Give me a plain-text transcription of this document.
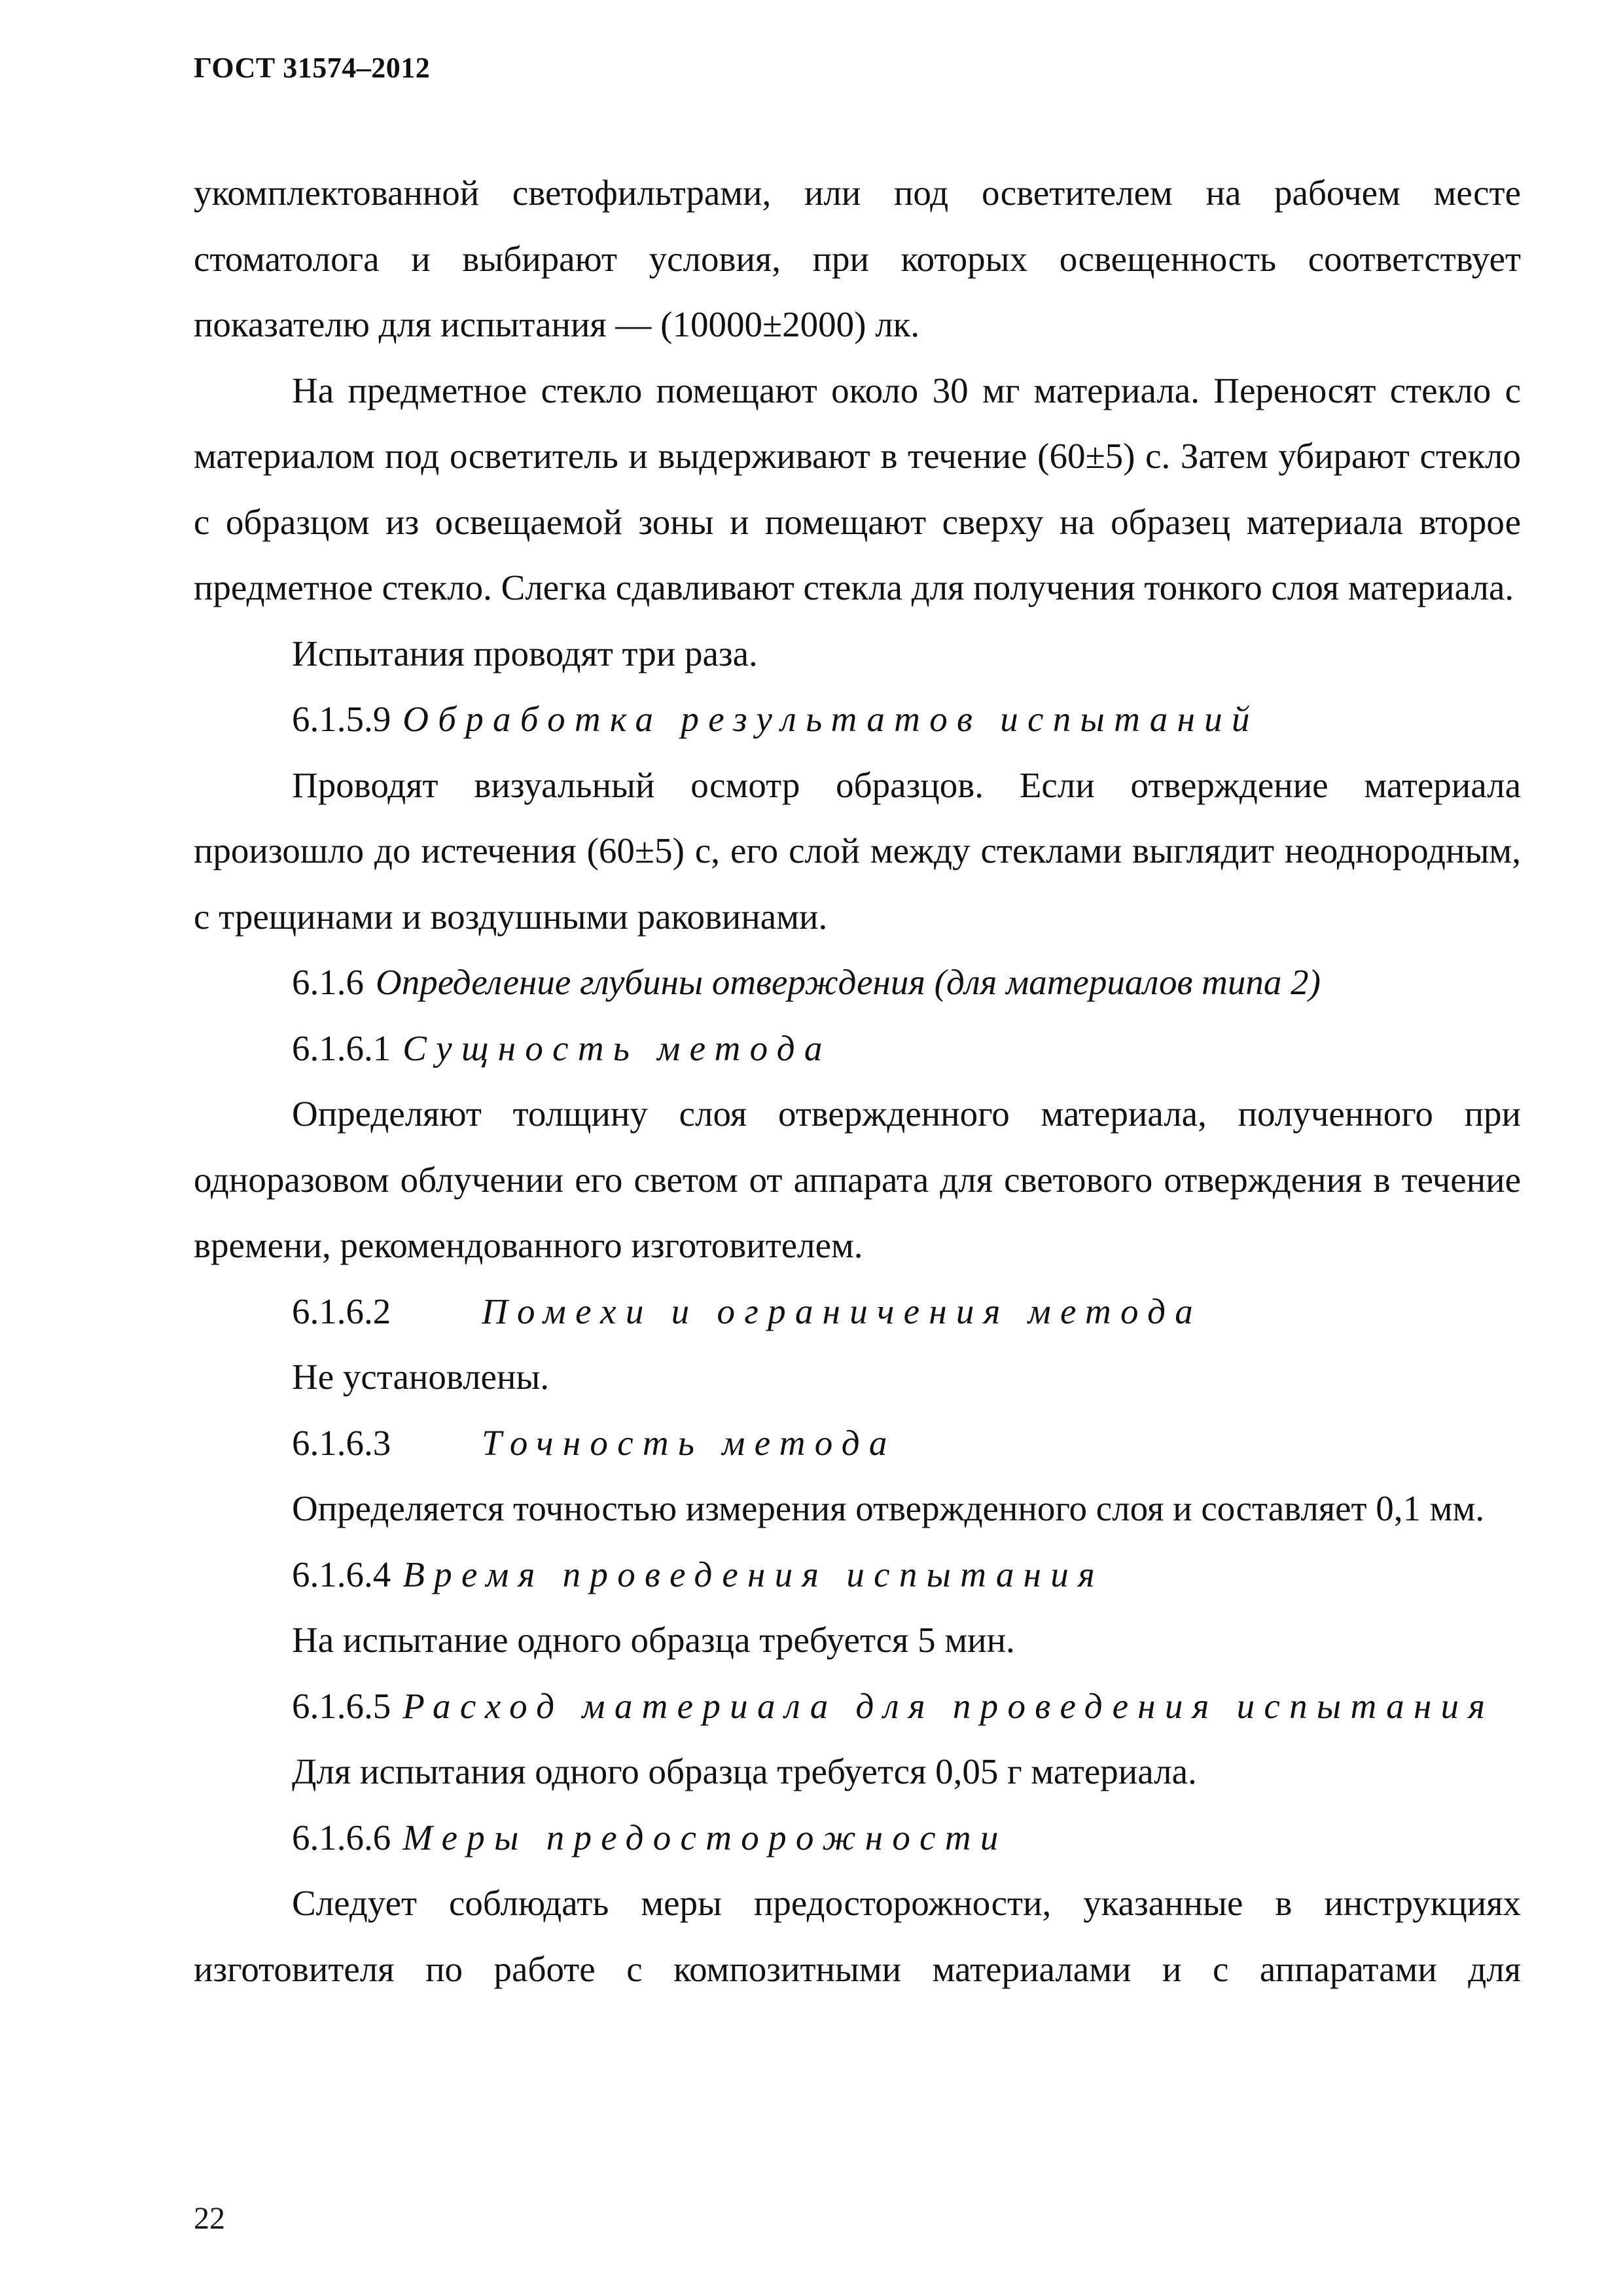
ГОСТ 31574–2012

укомплектованной светофильтрами, или под осветителем на рабочем месте стоматолога и выбирают условия, при которых освещенность соответствует показателю для испытания — (10000±2000) лк.

На предметное стекло помещают около 30 мг материала. Переносят стекло с материалом под осветитель и выдерживают в течение (60±5) с. Затем убирают стекло с образцом из освещаемой зоны и помещают сверху на образец материала второе предметное стекло. Слегка сдавливают стекла для получения тонкого слоя материала.

Испытания проводят три раза.

6.1.5.9 Обработка результатов испытаний

Проводят визуальный осмотр образцов. Если отверждение материала произошло до истечения (60±5) с, его слой между стеклами выглядит неоднородным, с трещинами и воздушными раковинами.

6.1.6 Определение глубины отверждения (для материалов типа 2)

6.1.6.1 Сущность метода

Определяют толщину слоя отвержденного материала, полученного при одноразовом облучении его светом от аппарата для светового отверждения в течение времени, рекомендованного изготовителем.

6.1.6.2	Помехи и ограничения метода

Не установлены.

6.1.6.3	Точность метода

Определяется точностью измерения отвержденного слоя и составляет 0,1 мм.

6.1.6.4 Время проведения испытания

На испытание одного образца требуется 5 мин.

6.1.6.5 Расход материала для проведения испытания

Для испытания одного образца требуется 0,05 г материала.

6.1.6.6 Меры предосторожности

Следует соблюдать меры предосторожности, указанные в инструкциях изготовителя по работе с композитными материалами и с аппаратами для

22
